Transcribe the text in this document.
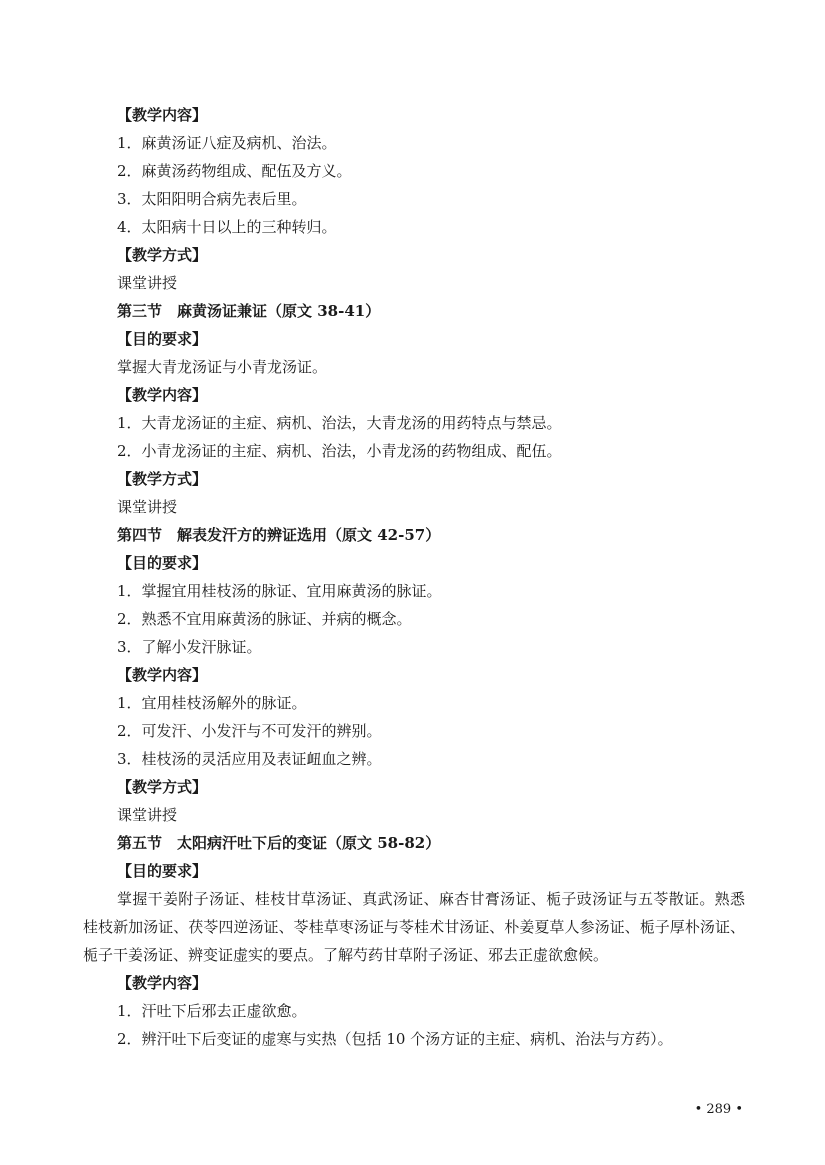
【教学内容】

1．麻黄汤证八症及病机、治法。

2．麻黄汤药物组成、配伍及方义。

3．太阳阳明合病先表后里。

4．太阳病十日以上的三种转归。

【教学方式】

课堂讲授

第三节　麻黄汤证兼证（原文 38-41）

【目的要求】

掌握大青龙汤证与小青龙汤证。

【教学内容】

1．大青龙汤证的主症、病机、治法，大青龙汤的用药特点与禁忌。

2．小青龙汤证的主症、病机、治法，小青龙汤的药物组成、配伍。

【教学方式】

课堂讲授

第四节　解表发汗方的辨证选用（原文 42-57）

【目的要求】

1．掌握宜用桂枝汤的脉证、宜用麻黄汤的脉证。

2．熟悉不宜用麻黄汤的脉证、并病的概念。

3．了解小发汗脉证。

【教学内容】

1．宜用桂枝汤解外的脉证。

2．可发汗、小发汗与不可发汗的辨别。

3．桂枝汤的灵活应用及表证衄血之辨。

【教学方式】

课堂讲授

第五节　太阳病汗吐下后的变证（原文 58-82）

【目的要求】

掌握干姜附子汤证、桂枝甘草汤证、真武汤证、麻杏甘膏汤证、栀子豉汤证与五苓散证。熟悉桂枝新加汤证、茯苓四逆汤证、苓桂草枣汤证与苓桂术甘汤证、朴姜夏草人参汤证、栀子厚朴汤证、栀子干姜汤证、辨变证虚实的要点。了解芍药甘草附子汤证、邪去正虚欲愈候。

【教学内容】

1．汗吐下后邪去正虚欲愈。

2．辨汗吐下后变证的虚寒与实热（包括 10 个汤方证的主症、病机、治法与方药）。

• 289 •
